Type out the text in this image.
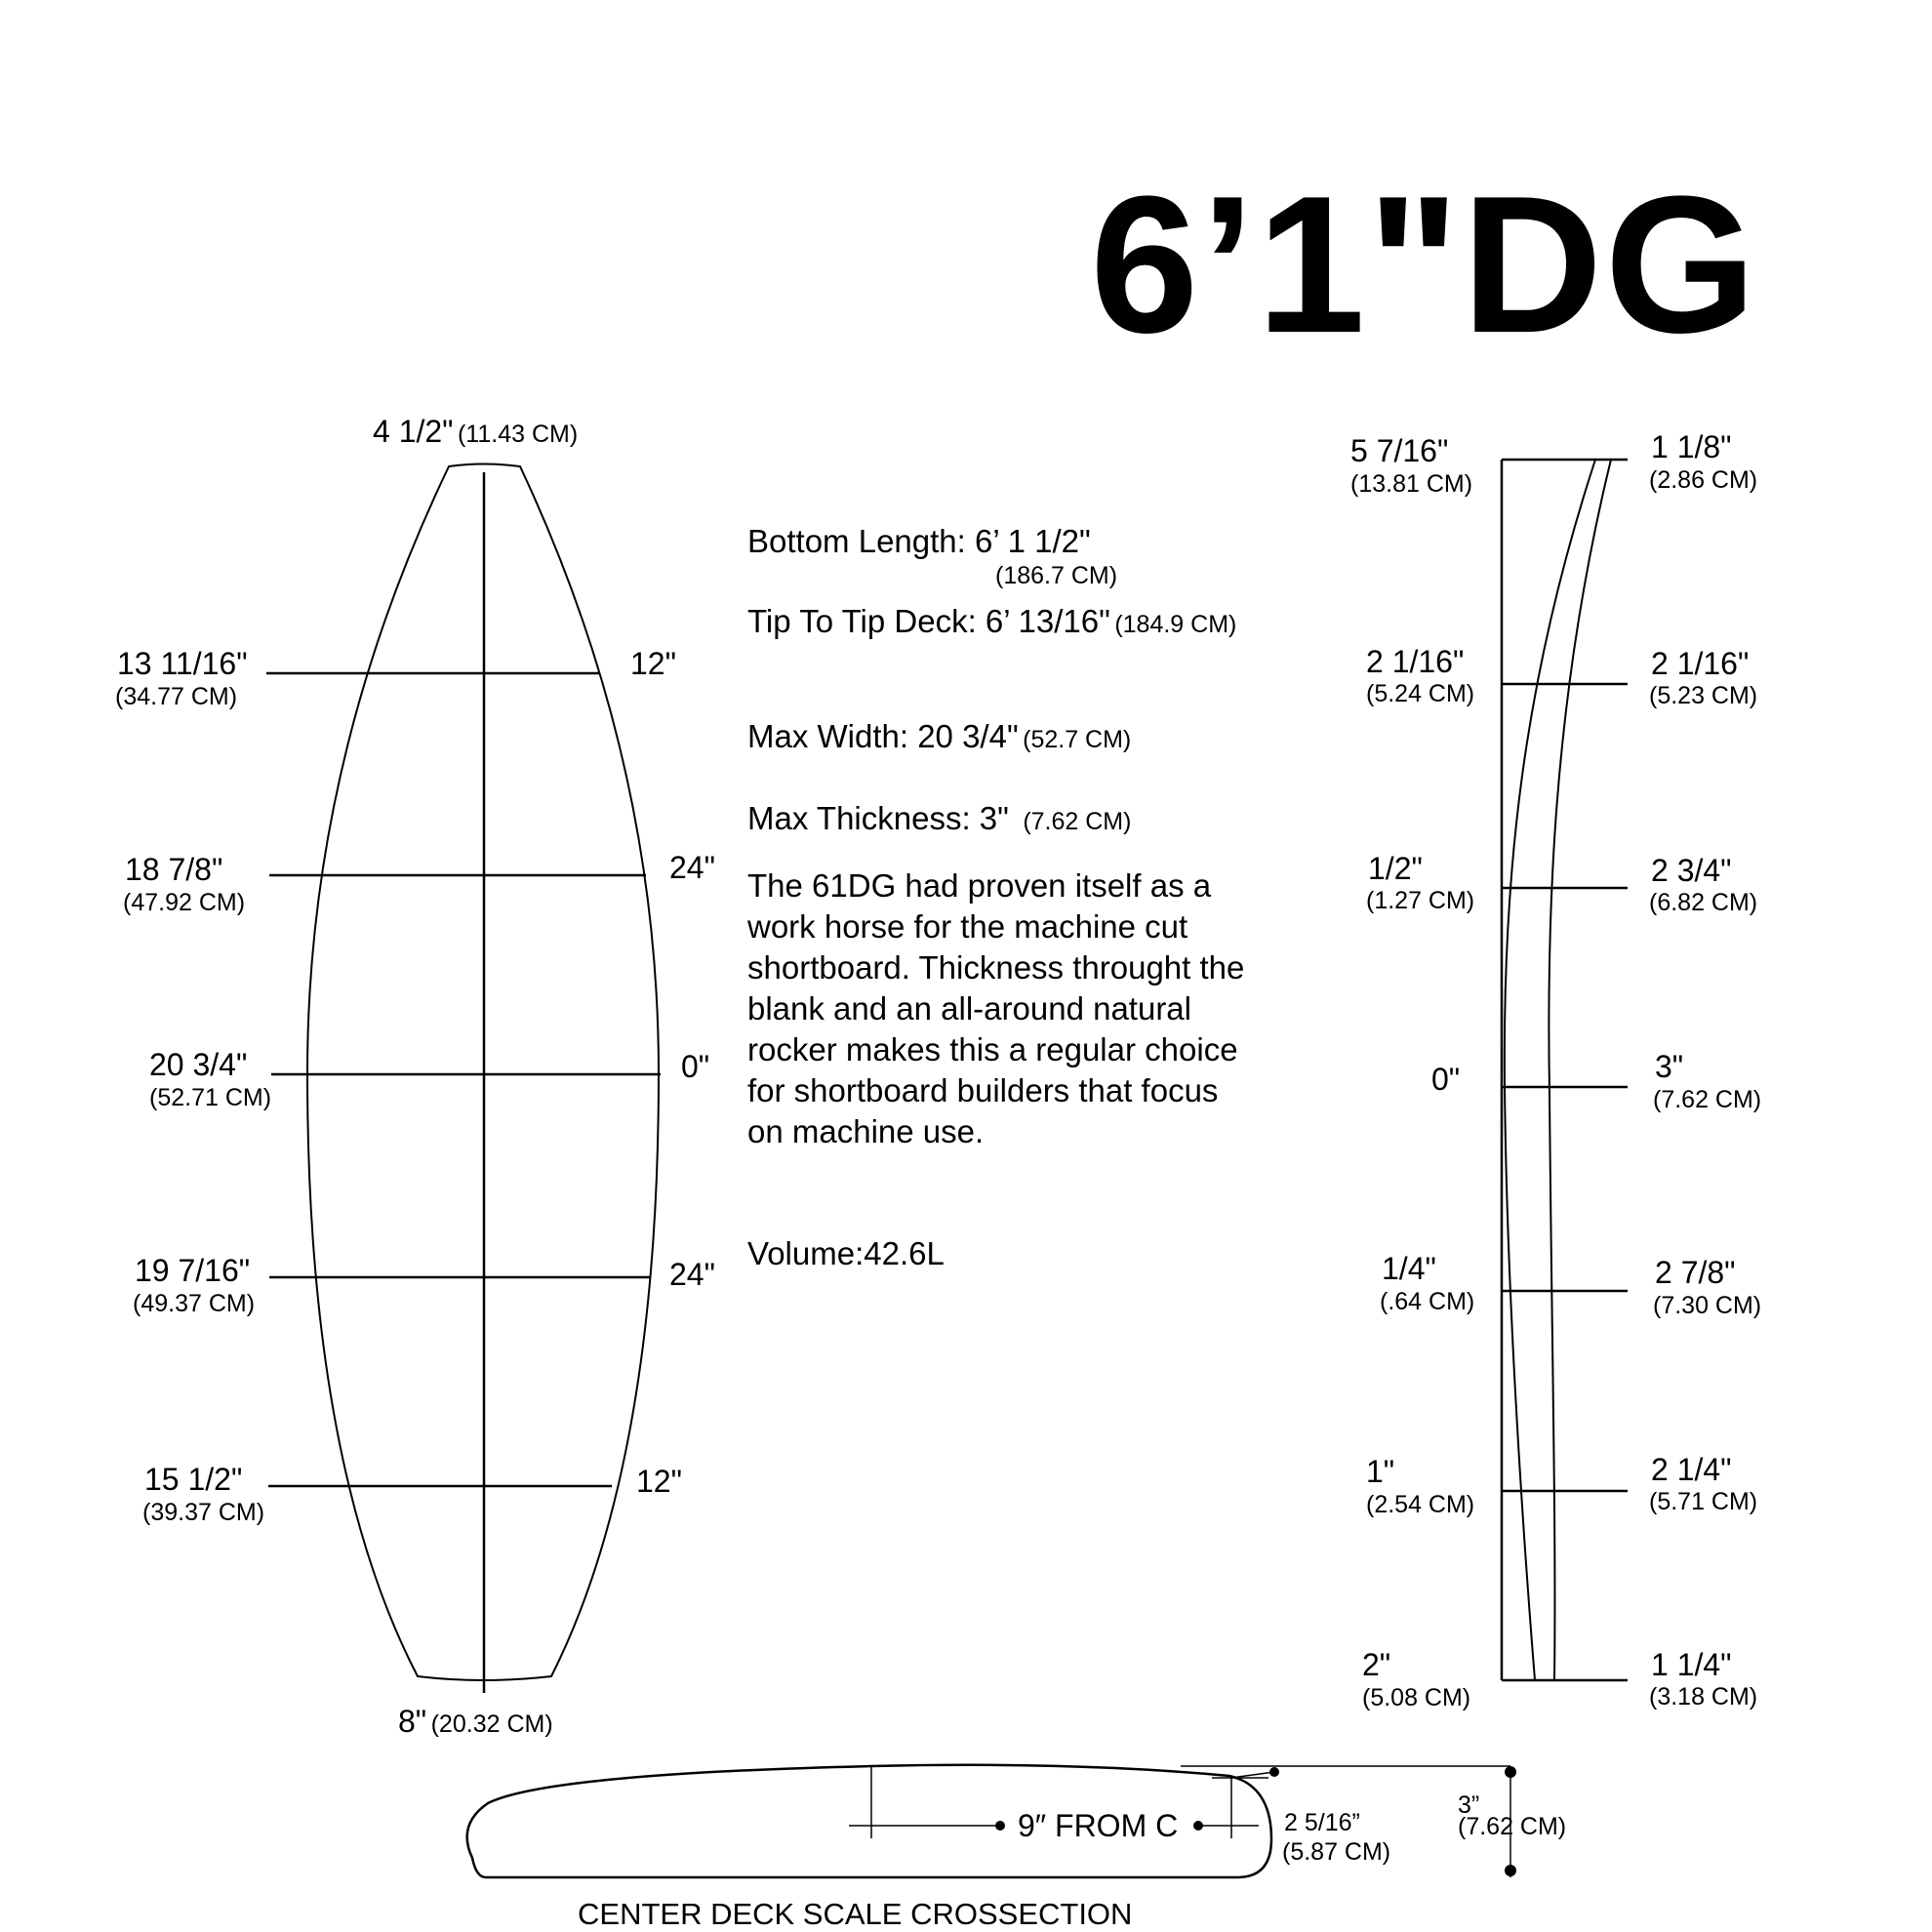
6’1"DG
4 1/2" (11.43 CM)
13 11/16"
(34.77 CM)
12"
18 7/8"
(47.92 CM)
24"
20 3/4"
(52.71 CM)
0"
19 7/16"
(49.37 CM)
24"
15 1/2"
(39.37 CM)
12"
8" (20.32 CM)
Bottom Length: 6’ 1 1/2"
(186.7 CM)
Tip To Tip Deck: 6’ 13/16" (184.9 CM)
Max Width: 20 3/4" (52.7 CM)
Max Thickness: 3" (7.62 CM)
The 61DG had proven itself as a work horse for the machine cut shortboard. Thickness throught the blank and an all-around natural rocker makes this a regular choice for shortboard builders that focus on machine use.
Volume:42.6L
5 7/16"
(13.81 CM)
2 1/16"
(5.24 CM)
1/2"
(1.27 CM)
0"
1/4"
(.64 CM)
1"
(2.54 CM)
2"
(5.08 CM)
1 1/8"
(2.86 CM)
2 1/16"
(5.23 CM)
2 3/4"
(6.82 CM)
3"
(7.62 CM)
2 7/8"
(7.30 CM)
2 1/4"
(5.71 CM)
1 1/4"
(3.18 CM)
9″ FROM C	2 5/16”
(5.87 CM)
3”
(7.62 CM)
CENTER DECK SCALE CROSSECTION
